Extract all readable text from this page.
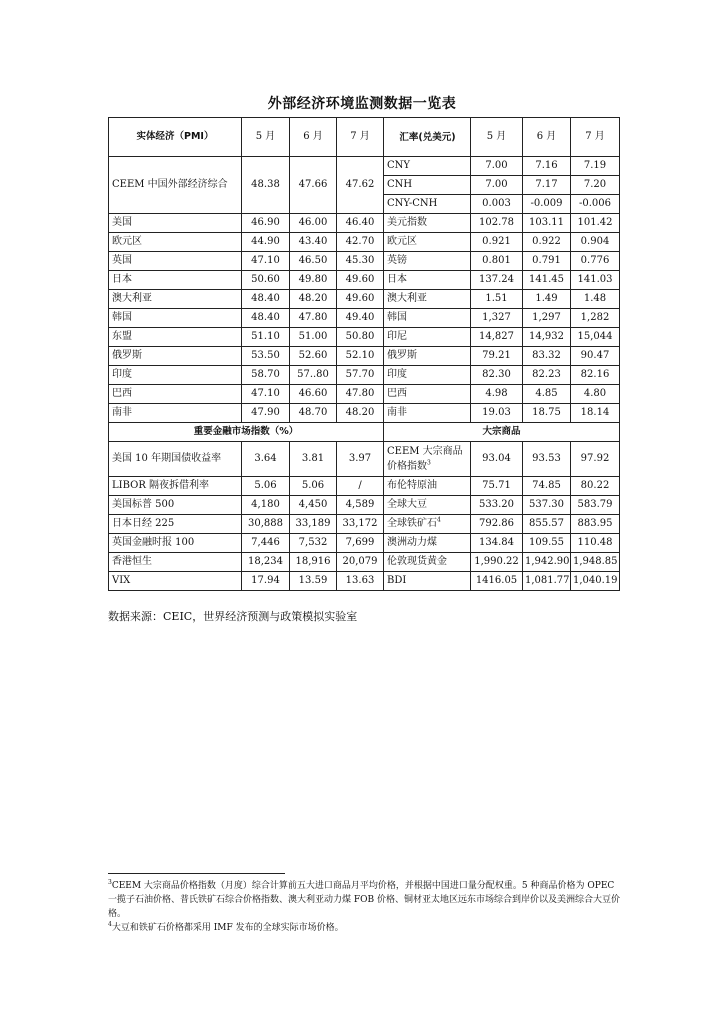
外部经济环境监测数据一览表
实体经济（PMI）	5 月	6 月	7 月	汇率(兑美元)	5 月	6 月	7 月
CEEM 中国外部经济综合	48.38	47.66	47.62	CNY	7.00	7.16	7.19
				CNH	7.00	7.17	7.20
				CNY-CNH	0.003	-0.009	-0.006
美国	46.90	46.00	46.40	美元指数	102.78	103.11	101.42
欧元区	44.90	43.40	42.70	欧元区	0.921	0.922	0.904
英国	47.10	46.50	45.30	英镑	0.801	0.791	0.776
日本	50.60	49.80	49.60	日本	137.24	141.45	141.03
澳大利亚	48.40	48.20	49.60	澳大利亚	1.51	1.49	1.48
韩国	48.40	47.80	49.40	韩国	1,327	1,297	1,282
东盟	51.10	51.00	50.80	印尼	14,827	14,932	15,044
俄罗斯	53.50	52.60	52.10	俄罗斯	79.21	83.32	90.47
印度	58.70	57..80	57.70	印度	82.30	82.23	82.16
巴西	47.10	46.60	47.80	巴西	4.98	4.85	4.80
南非	47.90	48.70	48.20	南非	19.03	18.75	18.14
重要金融市场指数（%）				大宗商品			
美国 10 年期国债收益率	3.64	3.81	3.97	CEEM 大宗商品价格指数$^3$	93.04	93.53	97.92
LIBOR 隔夜拆借利率	5.06	5.06	/	布伦特原油	75.71	74.85	80.22
美国标普 500	4,180	4,450	4,589	全球大豆	533.20	537.30	583.79
日本日经 225	30,888	33,189	33,172	全球铁矿石$^4$	792.86	855.57	883.95
英国金融时报 100	7,446	7,532	7,699	澳洲动力煤	134.84	109.55	110.48
香港恒生	18,234	18,916	20,079	伦敦现货黄金	1,990.22	1,942.90	1,948.85
VIX	17.94	13.59	13.63	BDI	1416.05	1,081.77	1,040.19
数据来源：CEIC，世界经济预测与政策模拟实验室

$^3$CEEM 大宗商品价格指数（月度）综合计算前五大进口商品月平均价格，并根据中国进口量分配权重。5 种商品价格为 OPEC 一揽子石油价格、普氏铁矿石综合价格指数、澳大利亚动力煤 FOB 价格、铜材亚太地区远东市场综合到岸价以及美洲综合大豆价格。

$^4$大豆和铁矿石价格都采用 IMF 发布的全球实际市场价格。
